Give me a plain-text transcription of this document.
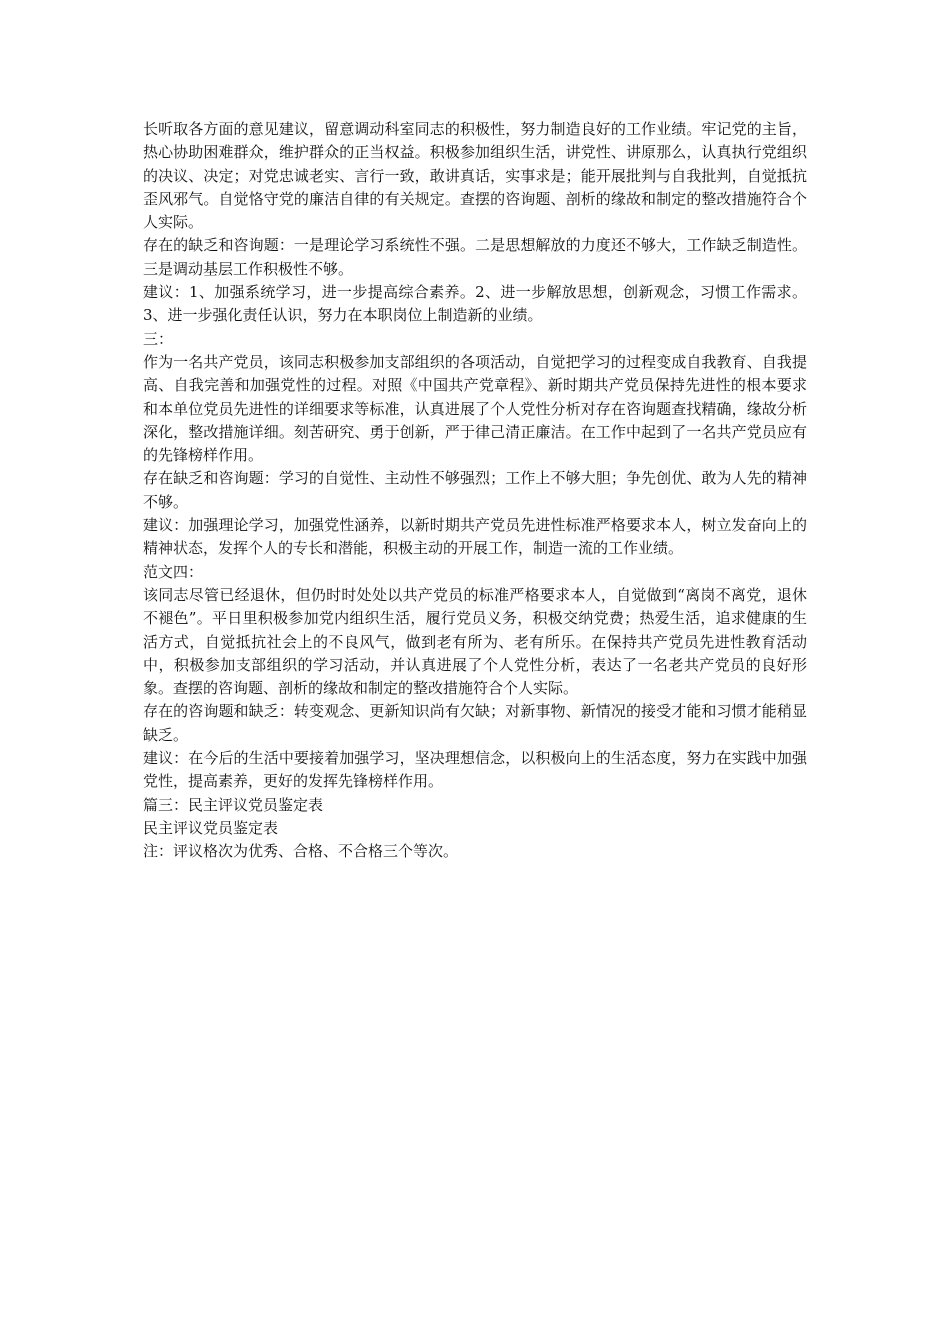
长听取各方面的意见建议，留意调动科室同志的积极性，努力制造良好的工作业绩。牢记党的主旨，热心协助困难群众，维护群众的正当权益。积极参加组织生活，讲党性、讲原那么，认真执行党组织的决议、决定；对党忠诚老实、言行一致，敢讲真话，实事求是；能开展批判与自我批判，自觉抵抗歪风邪气。自觉恪守党的廉洁自律的有关规定。查摆的咨询题、剖析的缘故和制定的整改措施符合个人实际。

存在的缺乏和咨询题：一是理论学习系统性不强。二是思想解放的力度还不够大，工作缺乏制造性。三是调动基层工作积极性不够。

建议：1、加强系统学习，进一步提高综合素养。2、进一步解放思想，创新观念，习惯工作需求。3、进一步强化责任认识，努力在本职岗位上制造新的业绩。

三：

作为一名共产党员，该同志积极参加支部组织的各项活动，自觉把学习的过程变成自我教育、自我提高、自我完善和加强党性的过程。对照《中国共产党章程》、新时期共产党员保持先进性的根本要求和本单位党员先进性的详细要求等标准，认真进展了个人党性分析对存在咨询题查找精确，缘故分析深化，整改措施详细。刻苦研究、勇于创新，严于律己清正廉洁。在工作中起到了一名共产党员应有的先锋榜样作用。

存在缺乏和咨询题：学习的自觉性、主动性不够强烈；工作上不够大胆；争先创优、敢为人先的精神不够。

建议：加强理论学习，加强党性涵养，以新时期共产党员先进性标准严格要求本人，树立发奋向上的精神状态，发挥个人的专长和潜能，积极主动的开展工作，制造一流的工作业绩。

范文四：

该同志尽管已经退休，但仍时时处处以共产党员的标准严格要求本人，自觉做到“离岗不离党，退休不褪色”。平日里积极参加党内组织生活，履行党员义务，积极交纳党费；热爱生活，追求健康的生活方式，自觉抵抗社会上的不良风气，做到老有所为、老有所乐。在保持共产党员先进性教育活动中，积极参加支部组织的学习活动，并认真进展了个人党性分析，表达了一名老共产党员的良好形象。查摆的咨询题、剖析的缘故和制定的整改措施符合个人实际。

存在的咨询题和缺乏：转变观念、更新知识尚有欠缺；对新事物、新情况的接受才能和习惯才能稍显缺乏。

建议：在今后的生活中要接着加强学习，坚决理想信念，以积极向上的生活态度，努力在实践中加强党性，提高素养，更好的发挥先锋榜样作用。

篇三：民主评议党员鉴定表

民主评议党员鉴定表

注：评议格次为优秀、合格、不合格三个等次。
